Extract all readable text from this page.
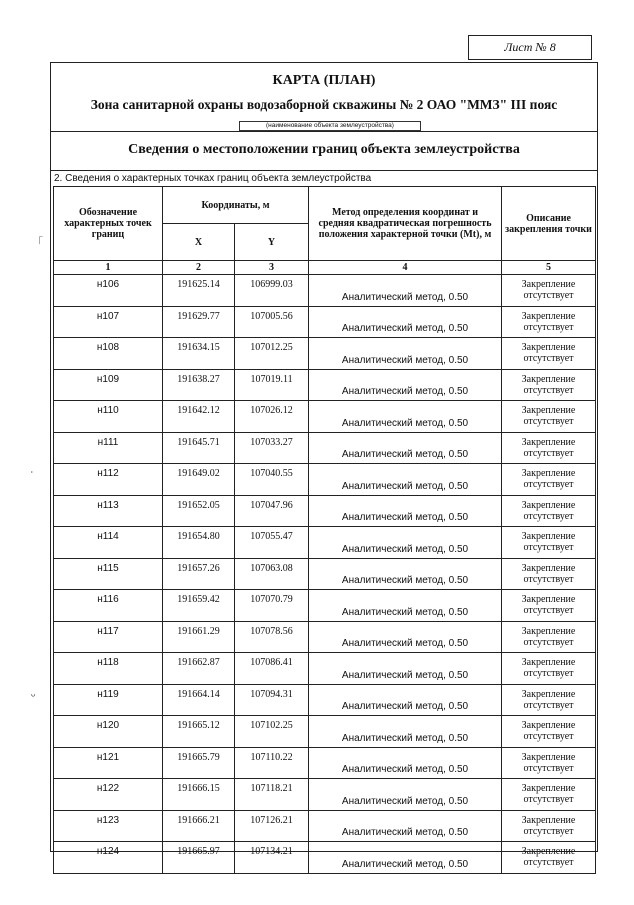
Лист № 8
「
ʾ
ᵕ
КАРТА (ПЛАН)
Зона санитарной охраны водозаборной скважины № 2 ОАО "ММЗ" III пояс
(наименование объекта землеустройства)
Сведения о местоположении границ объекта землеустройства
2. Сведения о характерных точках границ объекта землеустройства
Обозначение характерных точек границ	Координаты, м		Метод определения координат и средняя квадратическая погрешность положения характерной точки (Mt), м	Описание закрепления точки
	X	Y		
1	2	3	4	5
н106	191625.14	106999.03	Аналитический метод, 0.50	Закрепление отсутствует
н107	191629.77	107005.56	Аналитический метод, 0.50	Закрепление отсутствует
н108	191634.15	107012.25	Аналитический метод, 0.50	Закрепление отсутствует
н109	191638.27	107019.11	Аналитический метод, 0.50	Закрепление отсутствует
н110	191642.12	107026.12	Аналитический метод, 0.50	Закрепление отсутствует
н111	191645.71	107033.27	Аналитический метод, 0.50	Закрепление отсутствует
н112	191649.02	107040.55	Аналитический метод, 0.50	Закрепление отсутствует
н113	191652.05	107047.96	Аналитический метод, 0.50	Закрепление отсутствует
н114	191654.80	107055.47	Аналитический метод, 0.50	Закрепление отсутствует
н115	191657.26	107063.08	Аналитический метод, 0.50	Закрепление отсутствует
н116	191659.42	107070.79	Аналитический метод, 0.50	Закрепление отсутствует
н117	191661.29	107078.56	Аналитический метод, 0.50	Закрепление отсутствует
н118	191662.87	107086.41	Аналитический метод, 0.50	Закрепление отсутствует
н119	191664.14	107094.31	Аналитический метод, 0.50	Закрепление отсутствует
н120	191665.12	107102.25	Аналитический метод, 0.50	Закрепление отсутствует
н121	191665.79	107110.22	Аналитический метод, 0.50	Закрепление отсутствует
н122	191666.15	107118.21	Аналитический метод, 0.50	Закрепление отсутствует
н123	191666.21	107126.21	Аналитический метод, 0.50	Закрепление отсутствует
н124	191665.97	107134.21	Аналитический метод, 0.50	Закрепление отсутствует
